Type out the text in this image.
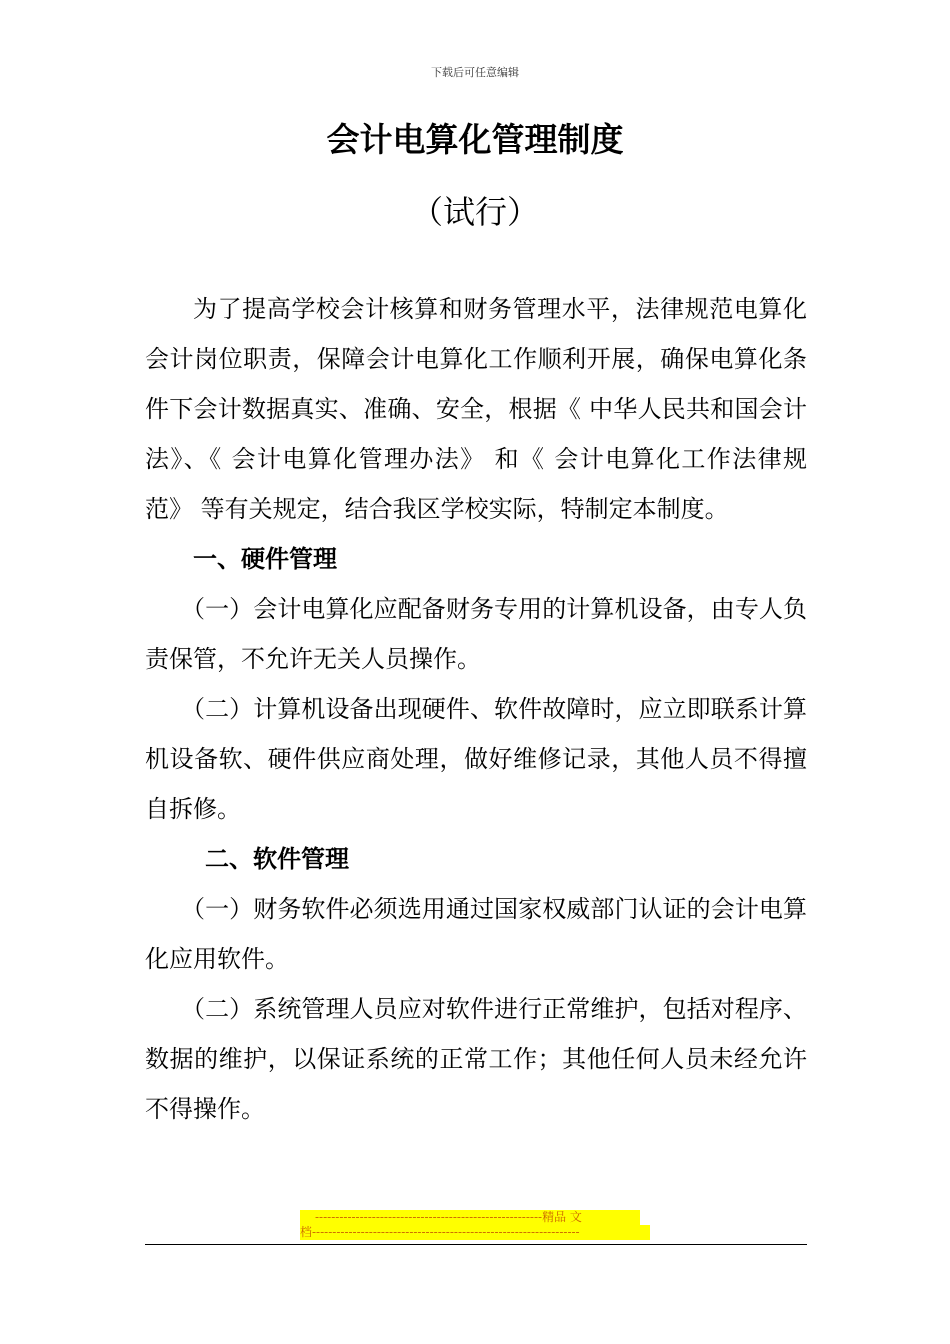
下载后可任意编辑
会计电算化管理制度
（试行）

为了提高学校会计核算和财务管理水平，法律规范电算化会计岗位职责，保障会计电算化工作顺利开展，确保电算化条件下会计数据真实、准确、安全，根据《 中华人民共和国会计法》、《 会计电算化管理办法》 和《 会计电算化工作法律规范》 等有关规定，结合我区学校实际，特制定本制度。

一、硬件管理

（一）会计电算化应配备财务专用的计算机设备，由专人负责保管，不允许无关人员操作。

（二）计算机设备出现硬件、软件故障时，应立即联系计算机设备软、硬件供应商处理，做好维修记录，其他人员不得擅自拆修。

二、软件管理

（一）财务软件必须选用通过国家权威部门认证的会计电算化应用软件。

（二）系统管理人员应对软件进行正常维护，包括对程序、数据的维护，以保证系统的正常工作；其他任何人员未经允许不得操作。

--------------------------------------------------------精品 文
档------------------------------------------------------------------
